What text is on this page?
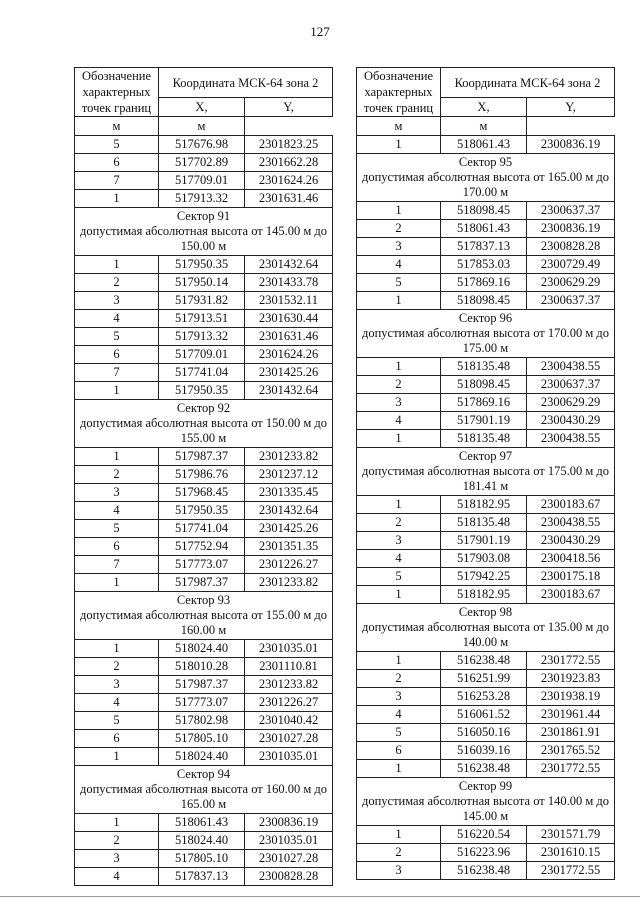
127
Обозначение характерных точек границ	Координата МСК-64 зона 2	

	X,	Y,
м	м	
5	517676.98	2301823.25
6	517702.89	2301662.28
7	517709.01	2301624.26
1	517913.32	2301631.46

Сектор 91
допустимая абсолютная высота от 145.00 м до 150.00 м		

1	517950.35	2301432.64
2	517950.14	2301433.78
3	517931.82	2301532.11
4	517913.51	2301630.44
5	517913.32	2301631.46
6	517709.01	2301624.26
7	517741.04	2301425.26
1	517950.35	2301432.64

Сектор 92
допустимая абсолютная высота от 150.00 м до 155.00 м		

1	517987.37	2301233.82
2	517986.76	2301237.12
3	517968.45	2301335.45
4	517950.35	2301432.64
5	517741.04	2301425.26
6	517752.94	2301351.35
7	517773.07	2301226.27
1	517987.37	2301233.82

Сектор 93
допустимая абсолютная высота от 155.00 м до 160.00 м		

1	518024.40	2301035.01
2	518010.28	2301110.81
3	517987.37	2301233.82
4	517773.07	2301226.27
5	517802.98	2301040.42
6	517805.10	2301027.28
1	518024.40	2301035.01

Сектор 94
допустимая абсолютная высота от 160.00 м до 165.00 м		

1	518061.43	2300836.19
2	518024.40	2301035.01
3	517805.10	2301027.28
4	517837.13	2300828.28
Обозначение характерных точек границ	Координата МСК-64 зона 2	

	X,	Y,
м	м	
1	518061.43	2300836.19

Сектор 95
допустимая абсолютная высота от 165.00 м до 170.00 м		

1	518098.45	2300637.37
2	518061.43	2300836.19
3	517837.13	2300828.28
4	517853.03	2300729.49
5	517869.16	2300629.29
1	518098.45	2300637.37

Сектор 96
допустимая абсолютная высота от 170.00 м до 175.00 м		

1	518135.48	2300438.55
2	518098.45	2300637.37
3	517869.16	2300629.29
4	517901.19	2300430.29
1	518135.48	2300438.55

Сектор 97
допустимая абсолютная высота от 175.00 м до 181.41 м		

1	518182.95	2300183.67
2	518135.48	2300438.55
3	517901.19	2300430.29
4	517903.08	2300418.56
5	517942.25	2300175.18
1	518182.95	2300183.67

Сектор 98
допустимая абсолютная высота от 135.00 м до 140.00 м		

1	516238.48	2301772.55
2	516251.99	2301923.83
3	516253.28	2301938.19
4	516061.52	2301961.44
5	516050.16	2301861.91
6	516039.16	2301765.52
1	516238.48	2301772.55

Сектор 99
допустимая абсолютная высота от 140.00 м до 145.00 м		

1	516220.54	2301571.79
2	516223.96	2301610.15
3	516238.48	2301772.55
